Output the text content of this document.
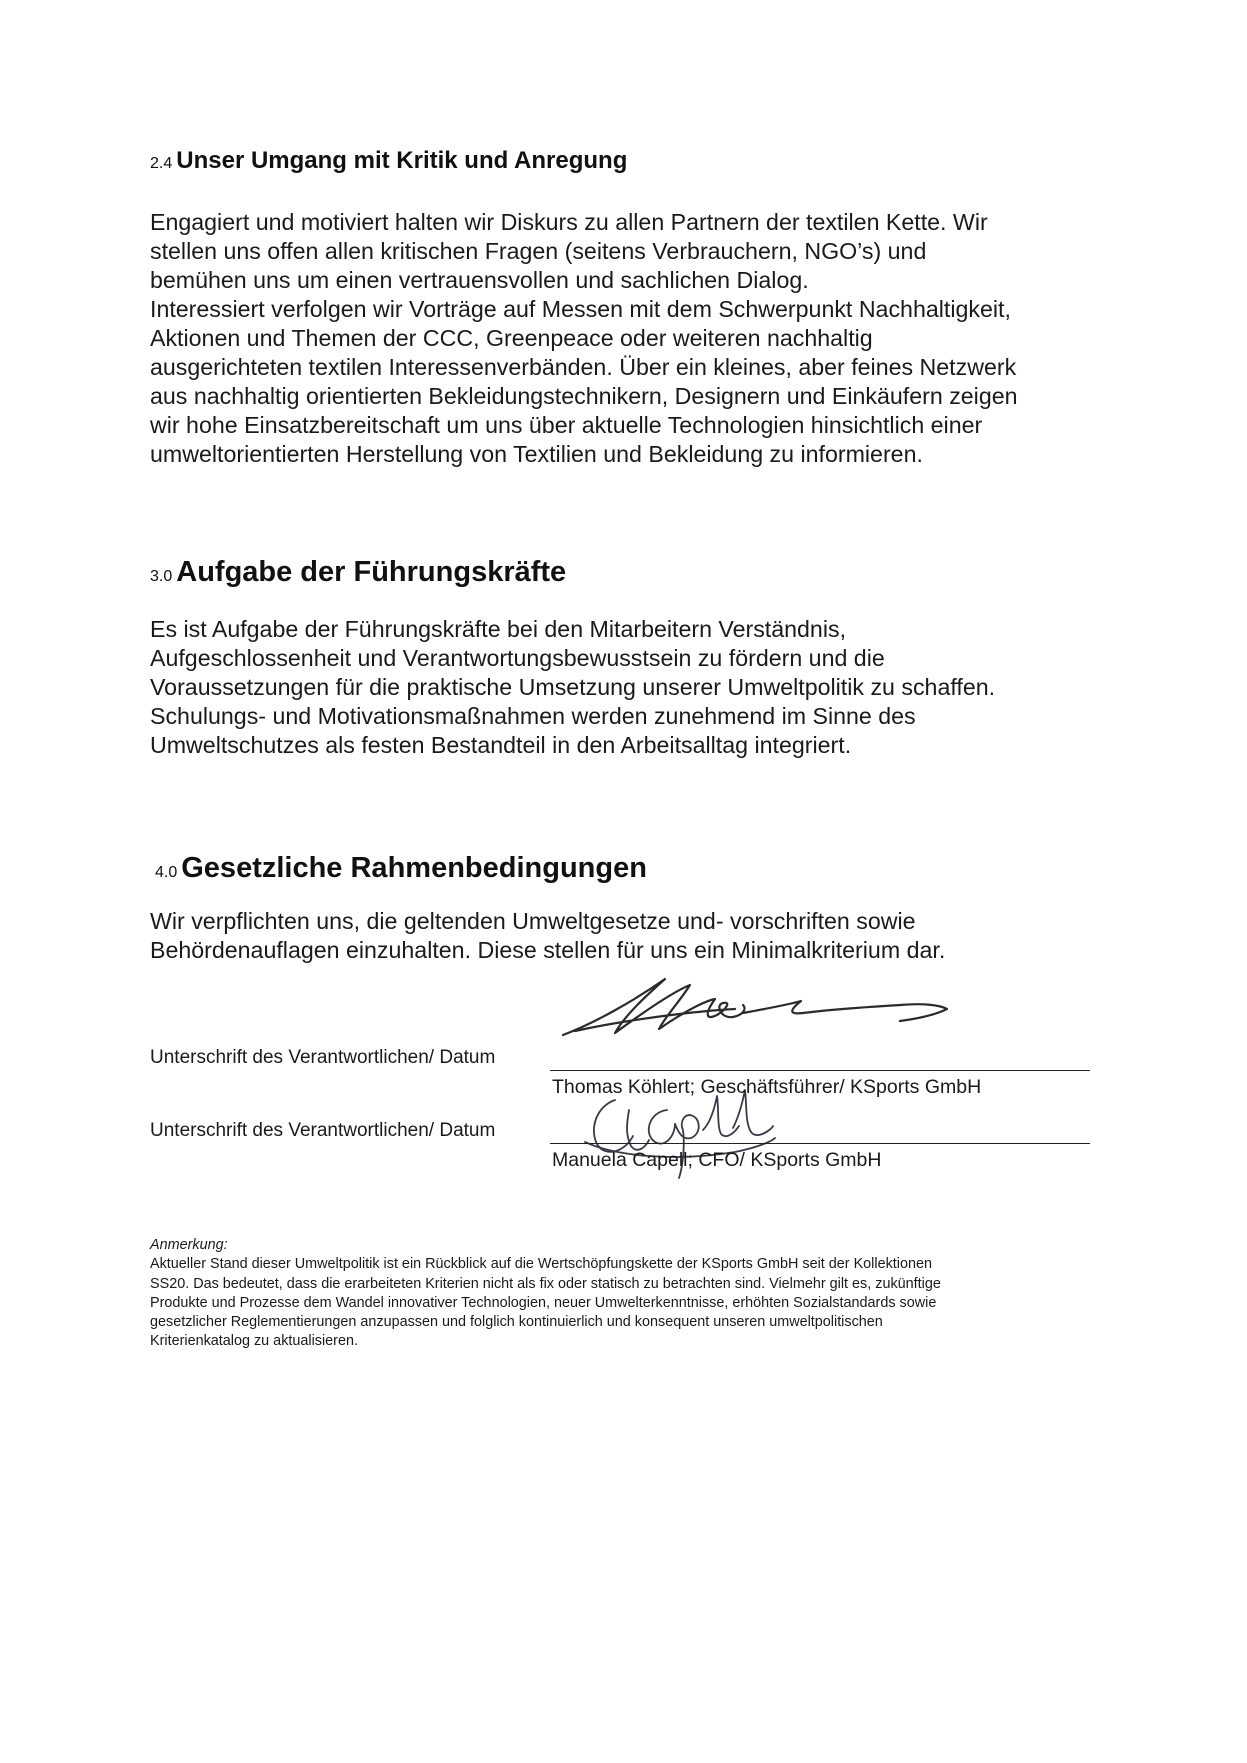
2.4 Unser Umgang mit Kritik und Anregung
Engagiert und motiviert halten wir Diskurs zu allen Partnern der textilen Kette. Wir
stellen uns offen allen kritischen Fragen (seitens Verbrauchern, NGO’s) und
bemühen uns um einen vertrauensvollen und sachlichen Dialog.
Interessiert verfolgen wir Vorträge auf Messen mit dem Schwerpunkt Nachhaltigkeit,
Aktionen und Themen der CCC, Greenpeace oder weiteren nachhaltig
ausgerichteten textilen Interessenverbänden. Über ein kleines, aber feines Netzwerk
aus nachhaltig orientierten Bekleidungstechnikern, Designern und Einkäufern zeigen
wir hohe Einsatzbereitschaft um uns über aktuelle Technologien hinsichtlich einer
umweltorientierten Herstellung von Textilien und Bekleidung zu informieren.
3.0 Aufgabe der Führungskräfte
Es ist Aufgabe der Führungskräfte bei den Mitarbeitern Verständnis,
Aufgeschlossenheit und Verantwortungsbewusstsein zu fördern und die
Voraussetzungen für die praktische Umsetzung unserer Umweltpolitik zu schaffen.
Schulungs- und Motivationsmaßnahmen werden zunehmend im Sinne des
Umweltschutzes als festen Bestandteil in den Arbeitsalltag integriert.
4.0 Gesetzliche Rahmenbedingungen
Wir verpflichten uns, die geltenden Umweltgesetze und- vorschriften sowie
Behördenauflagen einzuhalten. Diese stellen für uns ein Minimalkriterium dar.
Unterschrift des Verantwortlichen/ Datum
Thomas Köhlert; Geschäftsführer/ KSports GmbH
Unterschrift des Verantwortlichen/ Datum
Manuela Capell; CFO/ KSports GmbH
Anmerkung:
Aktueller Stand dieser Umweltpolitik ist ein Rückblick auf die Wertschöpfungskette der KSports GmbH seit der Kollektionen
SS20. Das bedeutet, dass die erarbeiteten Kriterien nicht als fix oder statisch zu betrachten sind. Vielmehr gilt es, zukünftige
Produkte und Prozesse dem Wandel innovativer Technologien, neuer Umwelterkenntnisse, erhöhten Sozialstandards sowie
gesetzlicher Reglementierungen anzupassen und folglich kontinuierlich und konsequent unseren umweltpolitischen
Kriterienkatalog zu aktualisieren.
